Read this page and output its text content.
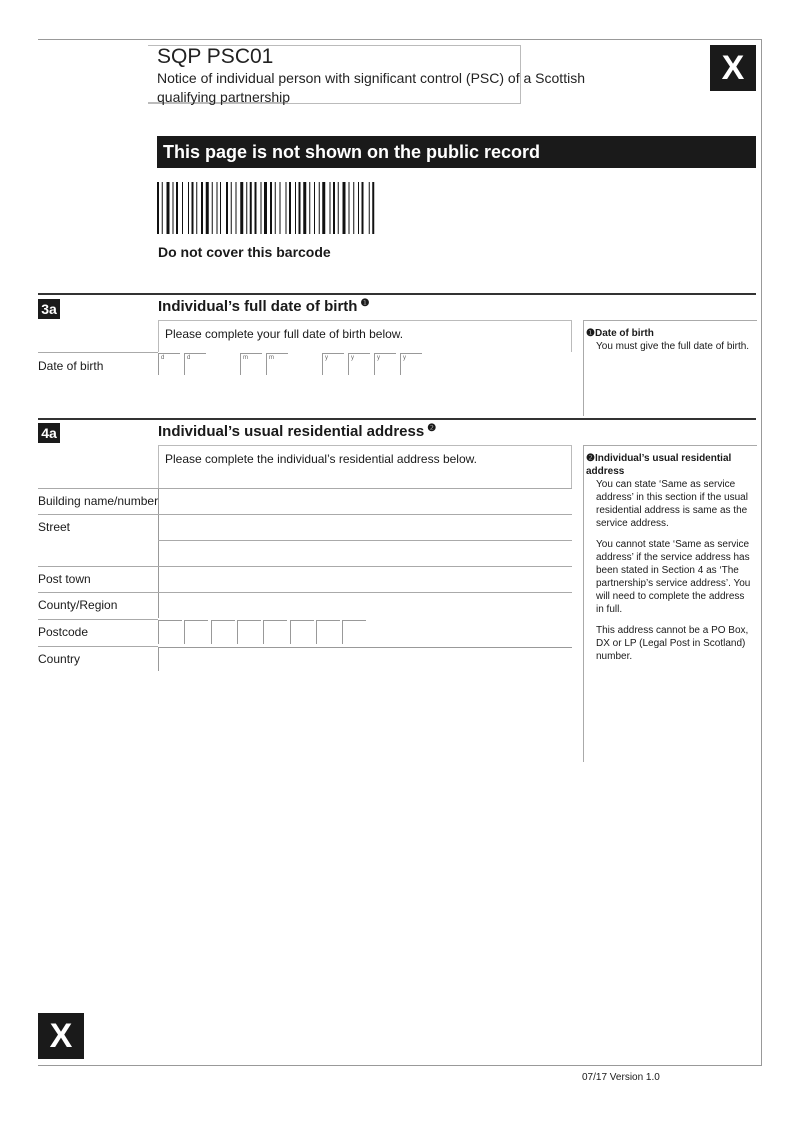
SQP PSC01
Notice of individual person with significant control (PSC) of a Scottish qualifying partnership
X
This page is not shown on the public record
Do not cover this barcode
3a	Individual’s full date of birth $^❶$
Please complete your full date of birth below.
Date of birth
d	d	m	m	y	y	y	y

❶Date of birth

You must give the full date of birth.

4a	Individual’s usual residential address $^❷$
Please complete the individual’s residential address below.
Building name/number
Street
Post town
County/Region
Postcode
Country

❷Individual’s usual residential address

You can state ‘Same as service address’ in this section if the usual residential address is same as the service address.

You cannot state ‘Same as service address’ if the service address has been stated in Section 4 as ‘The partnership’s service address’. You will need to complete the address in full.

This address cannot be a PO Box, DX or LP (Legal Post in Scotland) number.

X
07/17 Version 1.0
